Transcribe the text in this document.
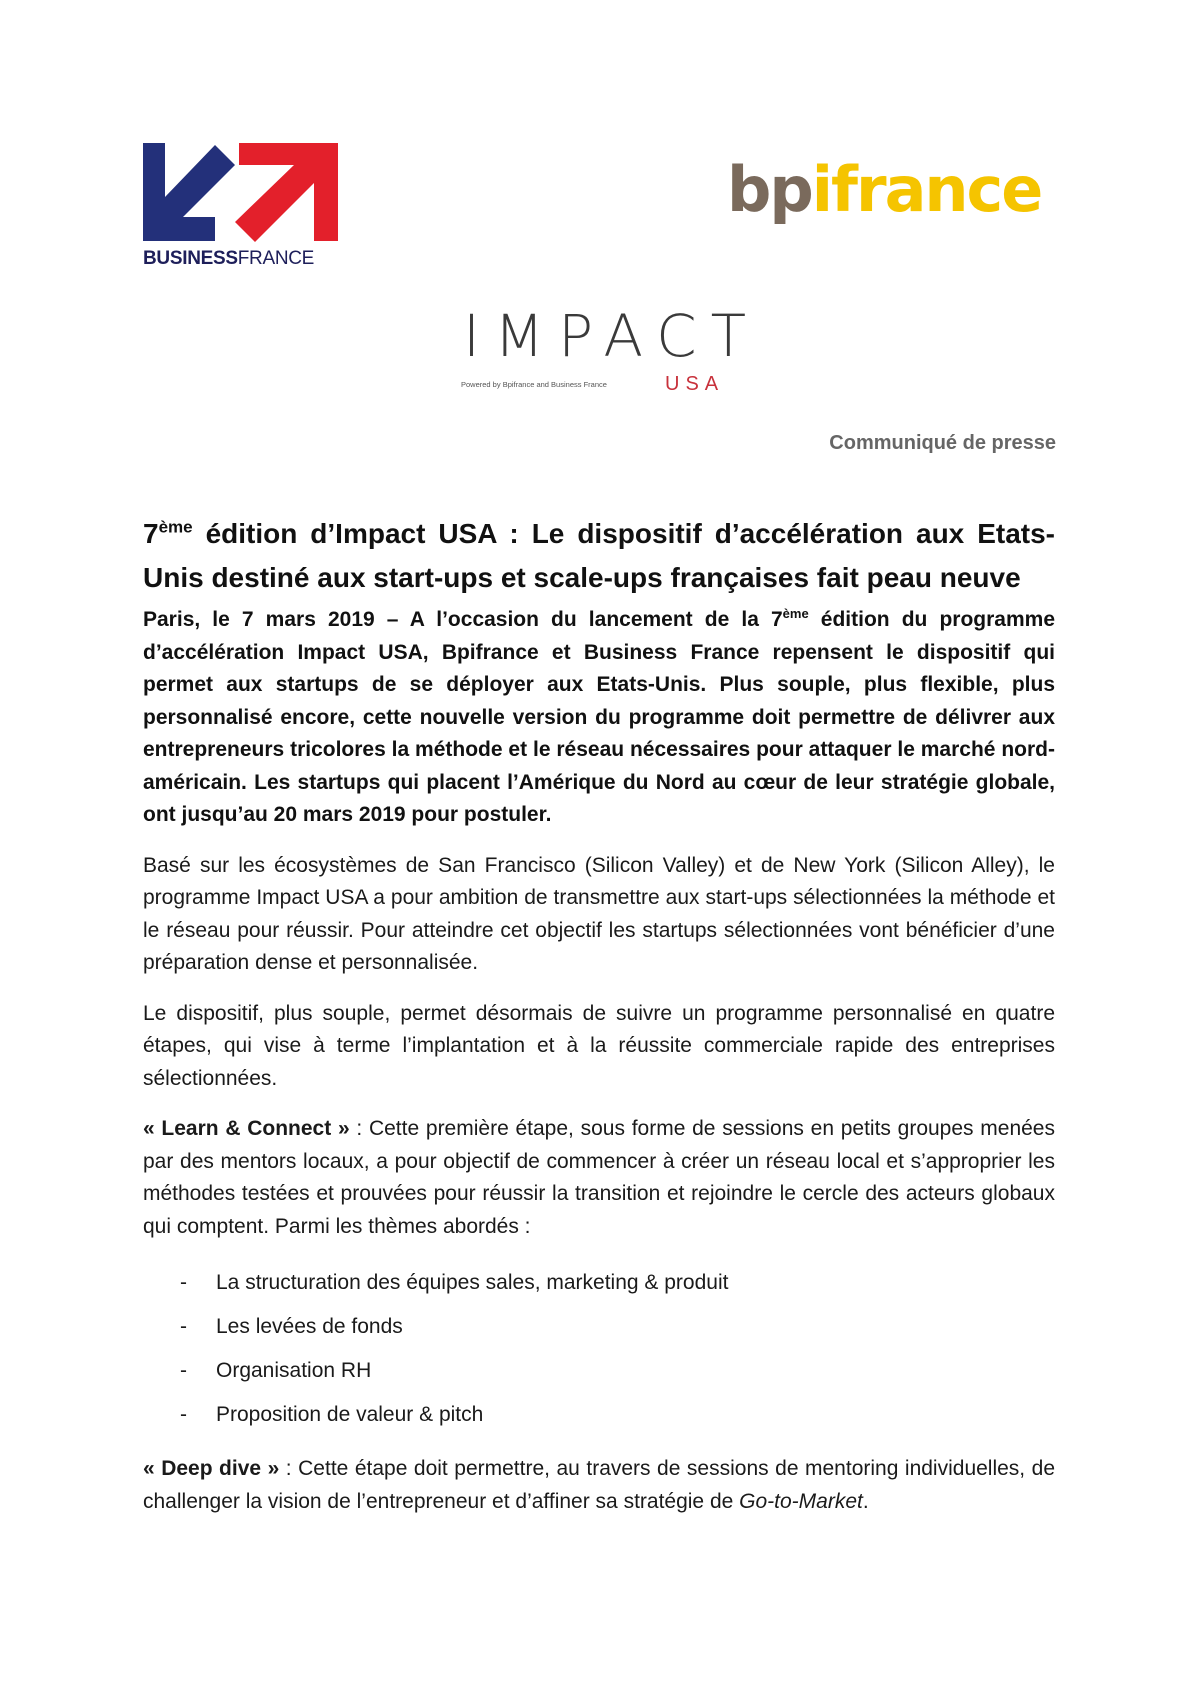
BUSINESSFRANCE
bpifrance
IMPACT
Powered by Bpifrance and Business France	USA
Communiqué de presse
7ème édition d’Impact USA : Le dispositif d’accélération aux Etats-Unis destiné aux start-ups et scale-ups françaises fait peau neuve

Paris, le 7 mars 2019 – A l’occasion du lancement de la 7ème édition du programme d’accélération Impact USA, Bpifrance et Business France repensent le dispositif qui permet aux startups de se déployer aux Etats-Unis. Plus souple, plus flexible, plus personnalisé encore, cette nouvelle version du programme doit permettre de délivrer aux entrepreneurs tricolores la méthode et le réseau nécessaires pour attaquer le marché nord-américain. Les startups qui placent l’Amérique du Nord au cœur de leur stratégie globale, ont jusqu’au 20 mars 2019 pour postuler.

Basé sur les écosystèmes de San Francisco (Silicon Valley) et de New York (Silicon Alley), le programme Impact USA a pour ambition de transmettre aux start-ups sélectionnées la méthode et le réseau pour réussir. Pour atteindre cet objectif les startups sélectionnées vont bénéficier d’une préparation dense et personnalisée.

Le dispositif, plus souple, permet désormais de suivre un programme personnalisé en quatre étapes, qui vise à terme l’implantation et à la réussite commerciale rapide des entreprises sélectionnées.

« Learn & Connect » : Cette première étape, sous forme de sessions en petits groupes menées par des mentors locaux, a pour objectif de commencer à créer un réseau local et s’approprier les méthodes testées et prouvées pour réussir la transition et rejoindre le cercle des acteurs globaux qui comptent. Parmi les thèmes abordés :

- La structuration des équipes sales, marketing & produit
- Les levées de fonds
- Organisation RH
- Proposition de valeur & pitch

« Deep dive » : Cette étape doit permettre, au travers de sessions de mentoring individuelles, de challenger la vision de l’entrepreneur et d’affiner sa stratégie de Go-to-Market.
